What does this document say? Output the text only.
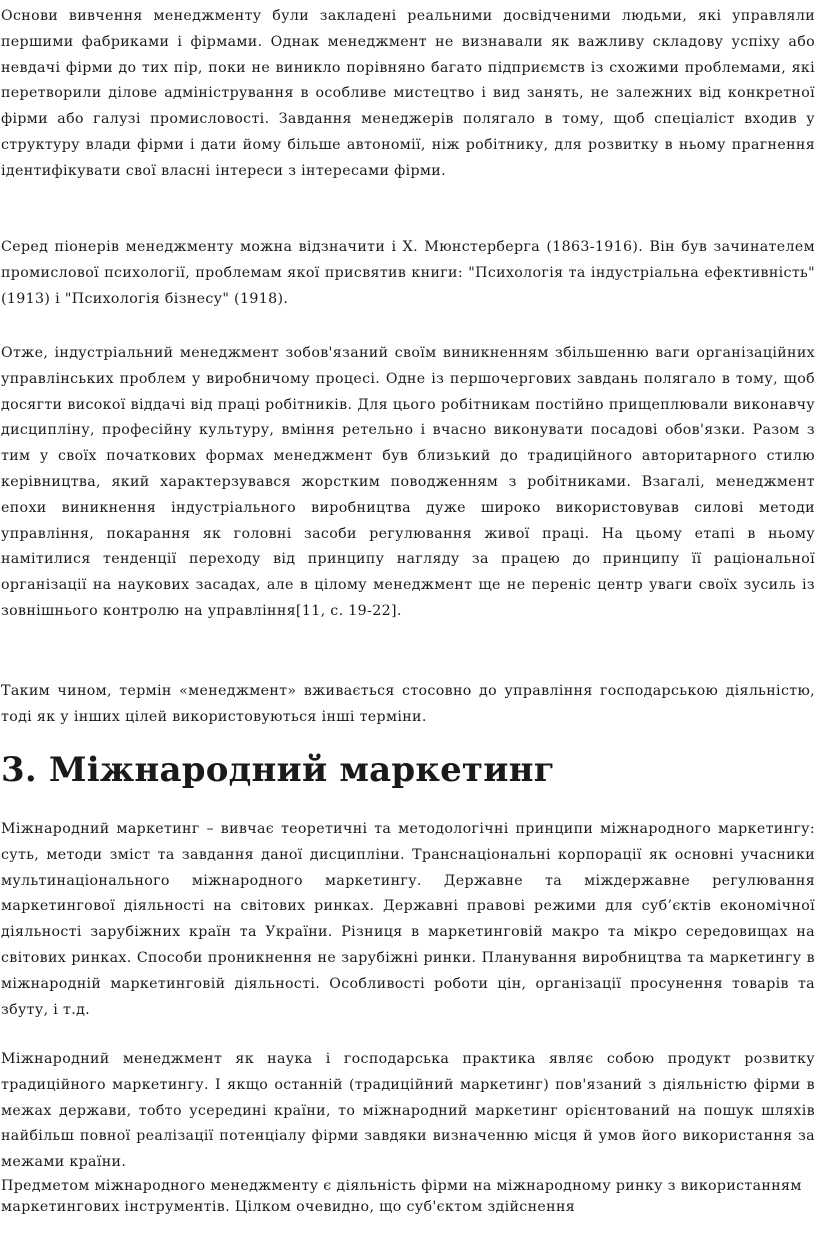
Основи вивчення менеджменту були закладені реальними досвідченими людьми, які управляли першими фабриками і фірмами. Однак менеджмент не визнавали як важливу складову успіху або невдачі фірми до тих пір, поки не виникло порівняно багато підприємств із схожими проблемами, які перетворили ділове адміністрування в особливе мистецтво і вид занять, не залежних від конкретної фірми або галузі промисловості. Завдання менеджерів полягало в тому, щоб спеціаліст входив у структуру влади фірми і дати йому більше автономії, ніж робітнику, для розвитку в ньому прагнення ідентифікувати свої власні інтереси з інтересами фірми.

Серед піонерів менеджменту можна відзначити і Х. Мюнстерберга (1863-1916). Він був зачинателем промислової психології, проблемам якої присвятив книги: "Психологія та індустріальна ефективність" (1913) і "Психологія бізнесу" (1918).

Отже, індустріальний менеджмент зобов'язаний своїм виникненням збільшенню ваги організаційних управлінських проблем у виробничому процесі. Одне із першочергових завдань полягало в тому, щоб досягти високої віддачі від праці робітників. Для цього робітникам постійно прищеплювали виконавчу дисципліну, професійну культуру, вміння ретельно і вчасно виконувати посадові обов'язки. Разом з тим у своїх початкових формах менеджмент був близький до традиційного авторитарного стилю керівництва, який характерзувався жорстким поводженням з робітниками. Взагалі, менеджмент епохи виникнення індустріального виробництва дуже широко використовував силові методи управління, покарання як головні засоби регулювання живої праці. На цьому етапі в ньому намітилися тенденції переходу від принципу нагляду за працею до принципу її раціональної організації на наукових засадах, але в цілому менеджмент ще не переніс центр уваги своїх зусиль із зовнішнього контролю на управління[11, с. 19-22].

Таким чином, термін «менеджмент» вживається стосовно до управління господарською діяльністю, тоді як у інших цілей використовуються інші терміни.

3. Міжнародний маркетинг

Міжнародний маркетинг – вивчає теоретичні та методологічні принципи міжнародного маркетингу: суть, методи зміст та завдання даної дисципліни. Транснаціональні корпорації як основні учасники мультинаціонального міжнародного маркетингу. Державне та міждержавне регулювання маркетингової діяльності на світових ринках. Державні правові режими для суб’єктів економічної діяльності зарубіжних країн та України. Різниця в маркетинговій макро та мікро середовищах на світових ринках. Способи проникнення не зарубіжні ринки. Планування виробництва та маркетингу в міжнародній маркетинговій діяльності. Особливості роботи цін, організації просунення товарів та збуту, і т.д.

Міжнародний менеджмент як наука і господарська практика являє собою продукт розвитку традиційного маркетингу. І якщо останній (традиційний маркетинг) пов'язаний з діяльністю фірми в межах держави, тобто усередині країни, то міжнародний маркетинг орієнтований на пошук шляхів найбільш повної реалізації потенціалу фірми завдяки визначенню місця й умов його використання за межами країни.

Предметом міжнародного менеджменту є діяльність фірми на міжнародному ринку з використанням маркетингових інструментів. Цілком очевидно, що суб'єктом здійснення
